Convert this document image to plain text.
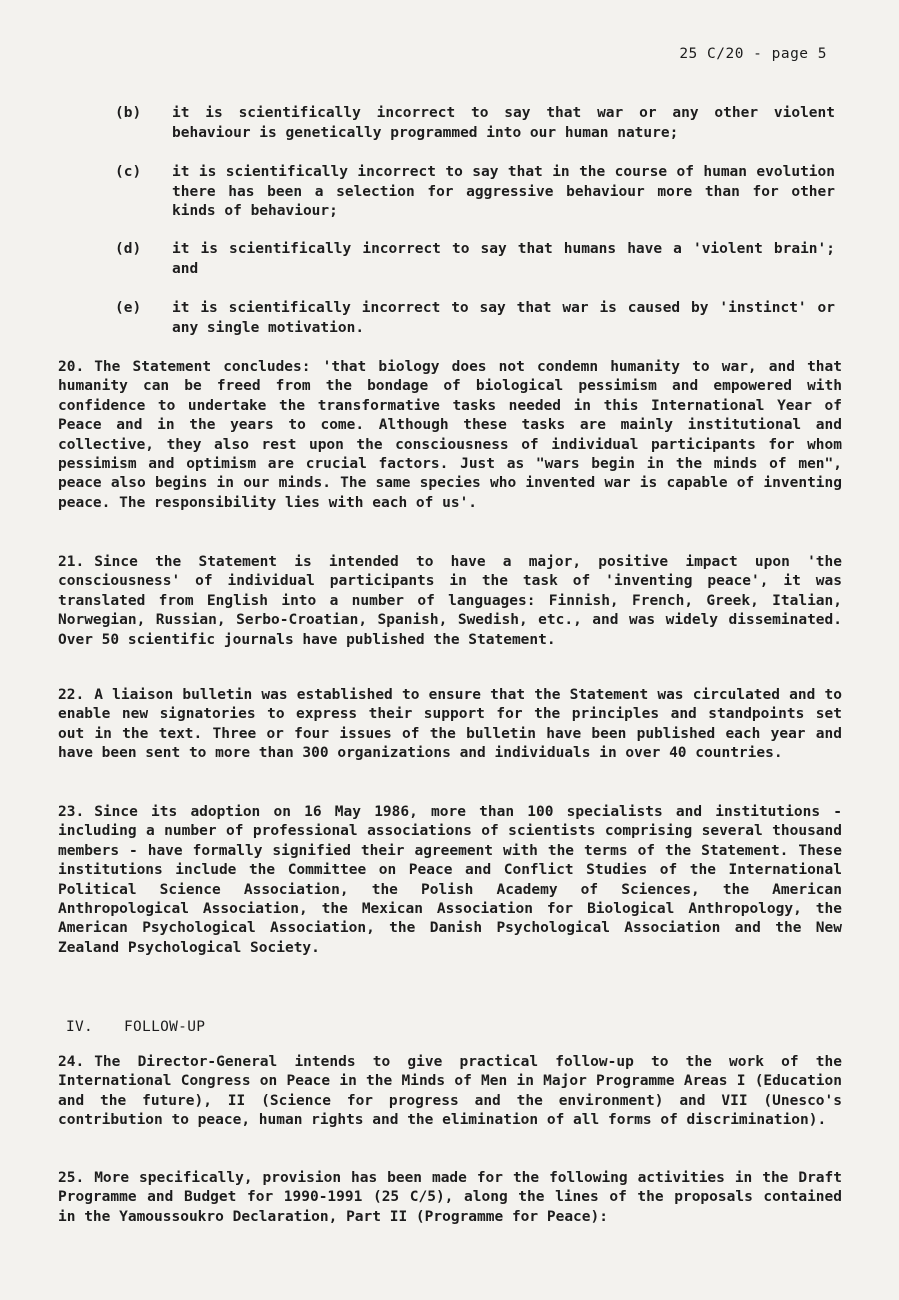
25 C/20 - page 5
(b)	it is scientifically incorrect to say that war or any other violent behaviour is genetically programmed into our human nature;
(c)	it is scientifically incorrect to say that in the course of human evolution there has been a selection for aggressive behaviour more than for other kinds of behaviour;
(d)	it is scientifically incorrect to say that humans have a 'violent brain'; and
(e)	it is scientifically incorrect to say that war is caused by 'instinct' or any single motivation.
20. The Statement concludes: 'that biology does not condemn humanity to war, and that humanity can be freed from the bondage of biological pessimism and empowered with confidence to undertake the transformative tasks needed in this International Year of Peace and in the years to come. Although these tasks are mainly institutional and collective, they also rest upon the consciousness of individual participants for whom pessimism and optimism are crucial factors. Just as "wars begin in the minds of men", peace also begins in our minds. The same species who invented war is capable of inventing peace. The responsibility lies with each of us'.
21. Since the Statement is intended to have a major, positive impact upon 'the consciousness' of individual participants in the task of 'inventing peace', it was translated from English into a number of languages: Finnish, French, Greek, Italian, Norwegian, Russian, Serbo-Croatian, Spanish, Swedish, etc., and was widely disseminated. Over 50 scientific journals have published the Statement.
22. A liaison bulletin was established to ensure that the Statement was circulated and to enable new signatories to express their support for the principles and standpoints set out in the text. Three or four issues of the bulletin have been published each year and have been sent to more than 300 organizations and individuals in over 40 countries.
23. Since its adoption on 16 May 1986, more than 100 specialists and institutions - including a number of professional associations of scientists comprising several thousand members - have formally signified their agreement with the terms of the Statement. These institutions include the Committee on Peace and Conflict Studies of the International Political Science Association, the Polish Academy of Sciences, the American Anthropological Association, the Mexican Association for Biological Anthropology, the American Psychological Association, the Danish Psychological Association and the New Zealand Psychological Society.
IV. FOLLOW-UP
24. The Director-General intends to give practical follow-up to the work of the International Congress on Peace in the Minds of Men in Major Programme Areas I (Education and the future), II (Science for progress and the environment) and VII (Unesco's contribution to peace, human rights and the elimination of all forms of discrimination).
25. More specifically, provision has been made for the following activities in the Draft Programme and Budget for 1990-1991 (25 C/5), along the lines of the proposals contained in the Yamoussoukro Declaration, Part II (Programme for Peace):
